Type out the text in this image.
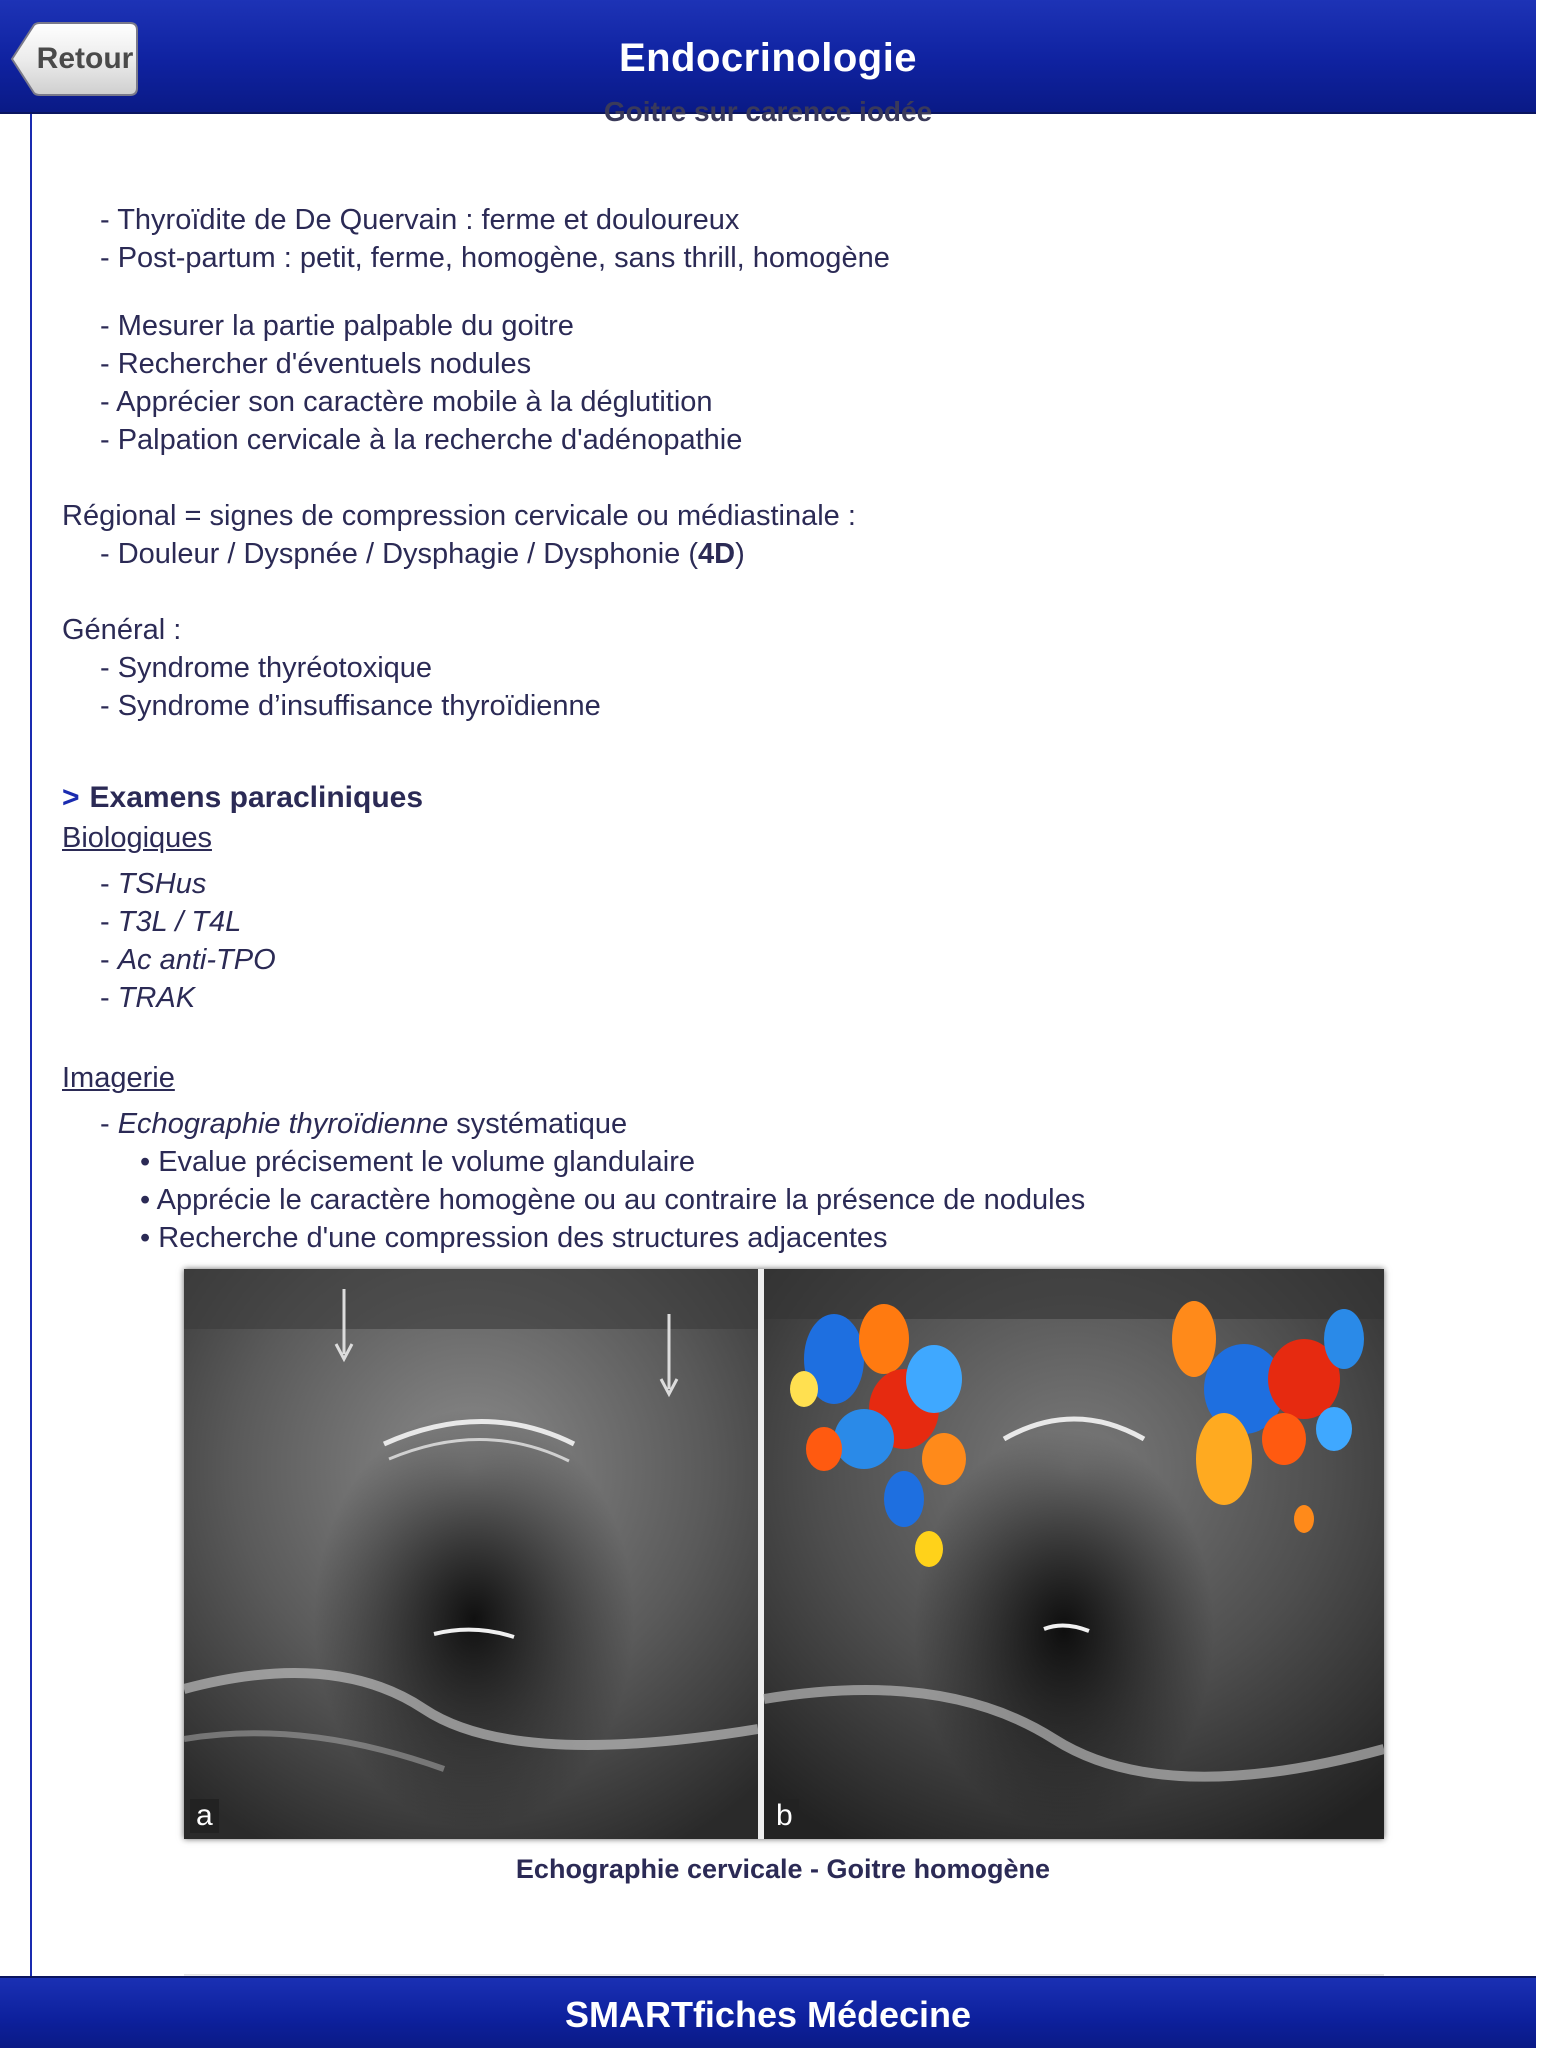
Retour	Endocrinologie
Goitre sur carence iodée
- Thyroïdite de De Quervain : ferme et douloureux
- Post-partum : petit, ferme, homogène, sans thrill, homogène
- Mesurer la partie palpable du goitre
- Rechercher d'éventuels nodules
- Apprécier son caractère mobile à la déglutition
- Palpation cervicale à la recherche d'adénopathie
Régional = signes de compression cervicale ou médiastinale :
- Douleur / Dyspnée / Dysphagie / Dysphonie (4D)
Général :
- Syndrome thyréotoxique
- Syndrome d’insuffisance thyroïdienne
> Examens paracliniques
Biologiques
- TSHus
- T3L / T4L
- Ac anti-TPO
- TRAK
Imagerie
- Echographie thyroïdienne systématique
• Evalue précisement le volume glandulaire
• Apprécie le caractère homogène ou au contraire la présence de nodules
• Recherche d'une compression des structures adjacentes
a	b
Echographie cervicale - Goitre homogène
SMARTfiches Médecine
